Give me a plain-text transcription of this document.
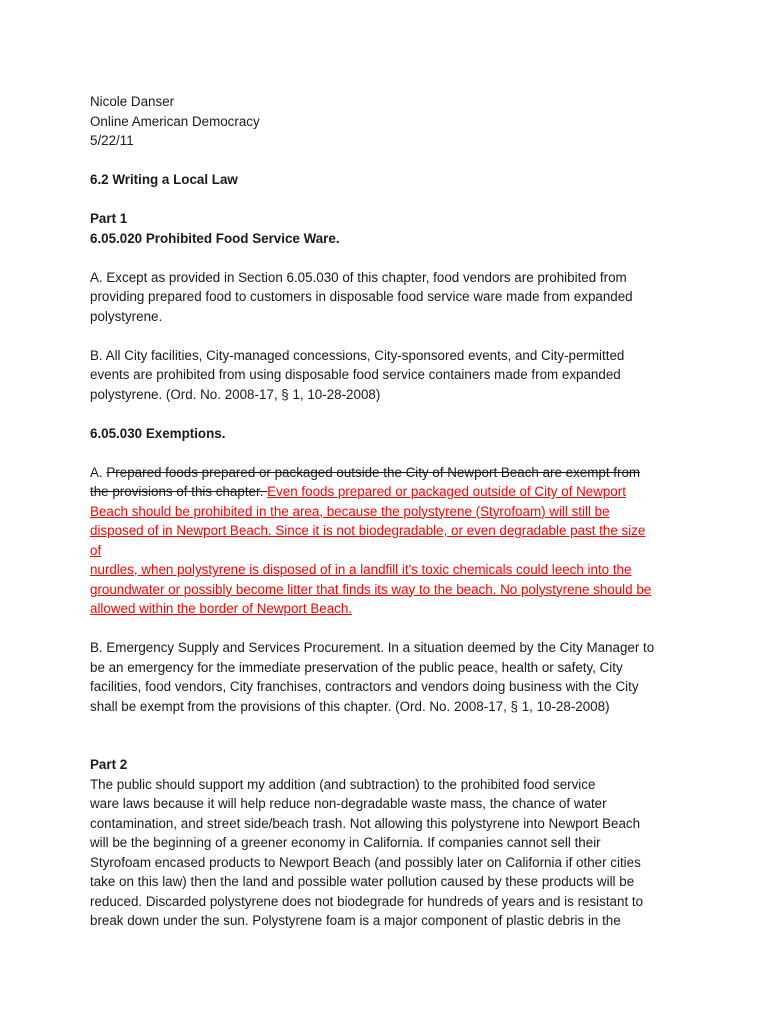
Nicole Danser
Online American Democracy
5/22/11
6.2 Writing a Local Law
Part 1
6.05.020 Prohibited Food Service Ware.
A. Except as provided in Section 6.05.030 of this chapter, food vendors are prohibited from
providing prepared food to customers in disposable food service ware made from expanded
polystyrene.
B. All City facilities, City-managed concessions, City-sponsored events, and City-permitted
events are prohibited from using disposable food service containers made from expanded
polystyrene. (Ord. No. 2008-17, § 1, 10-28-2008)
6.05.030 Exemptions.
A. Prepared foods prepared or packaged outside the City of Newport Beach are exempt from
the provisions of this chapter. Even foods prepared or packaged outside of City of Newport
Beach should be prohibited in the area, because the polystyrene (Styrofoam) will still be
disposed of in Newport Beach. Since it is not biodegradable, or even degradable past the size
of
nurdles, when polystyrene is disposed of in a landfill it's toxic chemicals could leech into the
groundwater or possibly become litter that finds its way to the beach. No polystyrene should be
allowed within the border of Newport Beach.
B. Emergency Supply and Services Procurement. In a situation deemed by the City Manager to
be an emergency for the immediate preservation of the public peace, health or safety, City
facilities, food vendors, City franchises, contractors and vendors doing business with the City
shall be exempt from the provisions of this chapter. (Ord. No. 2008-17, § 1, 10-28-2008)
Part 2
The public should support my addition (and subtraction) to the prohibited food service
ware laws because it will help reduce non-degradable waste mass, the chance of water
contamination, and street side/beach trash. Not allowing this polystyrene into Newport Beach
will be the beginning of a greener economy in California. If companies cannot sell their
Styrofoam encased products to Newport Beach (and possibly later on California if other cities
take on this law) then the land and possible water pollution caused by these products will be
reduced. Discarded polystyrene does not biodegrade for hundreds of years and is resistant to
break down under the sun. Polystyrene foam is a major component of plastic debris in the
